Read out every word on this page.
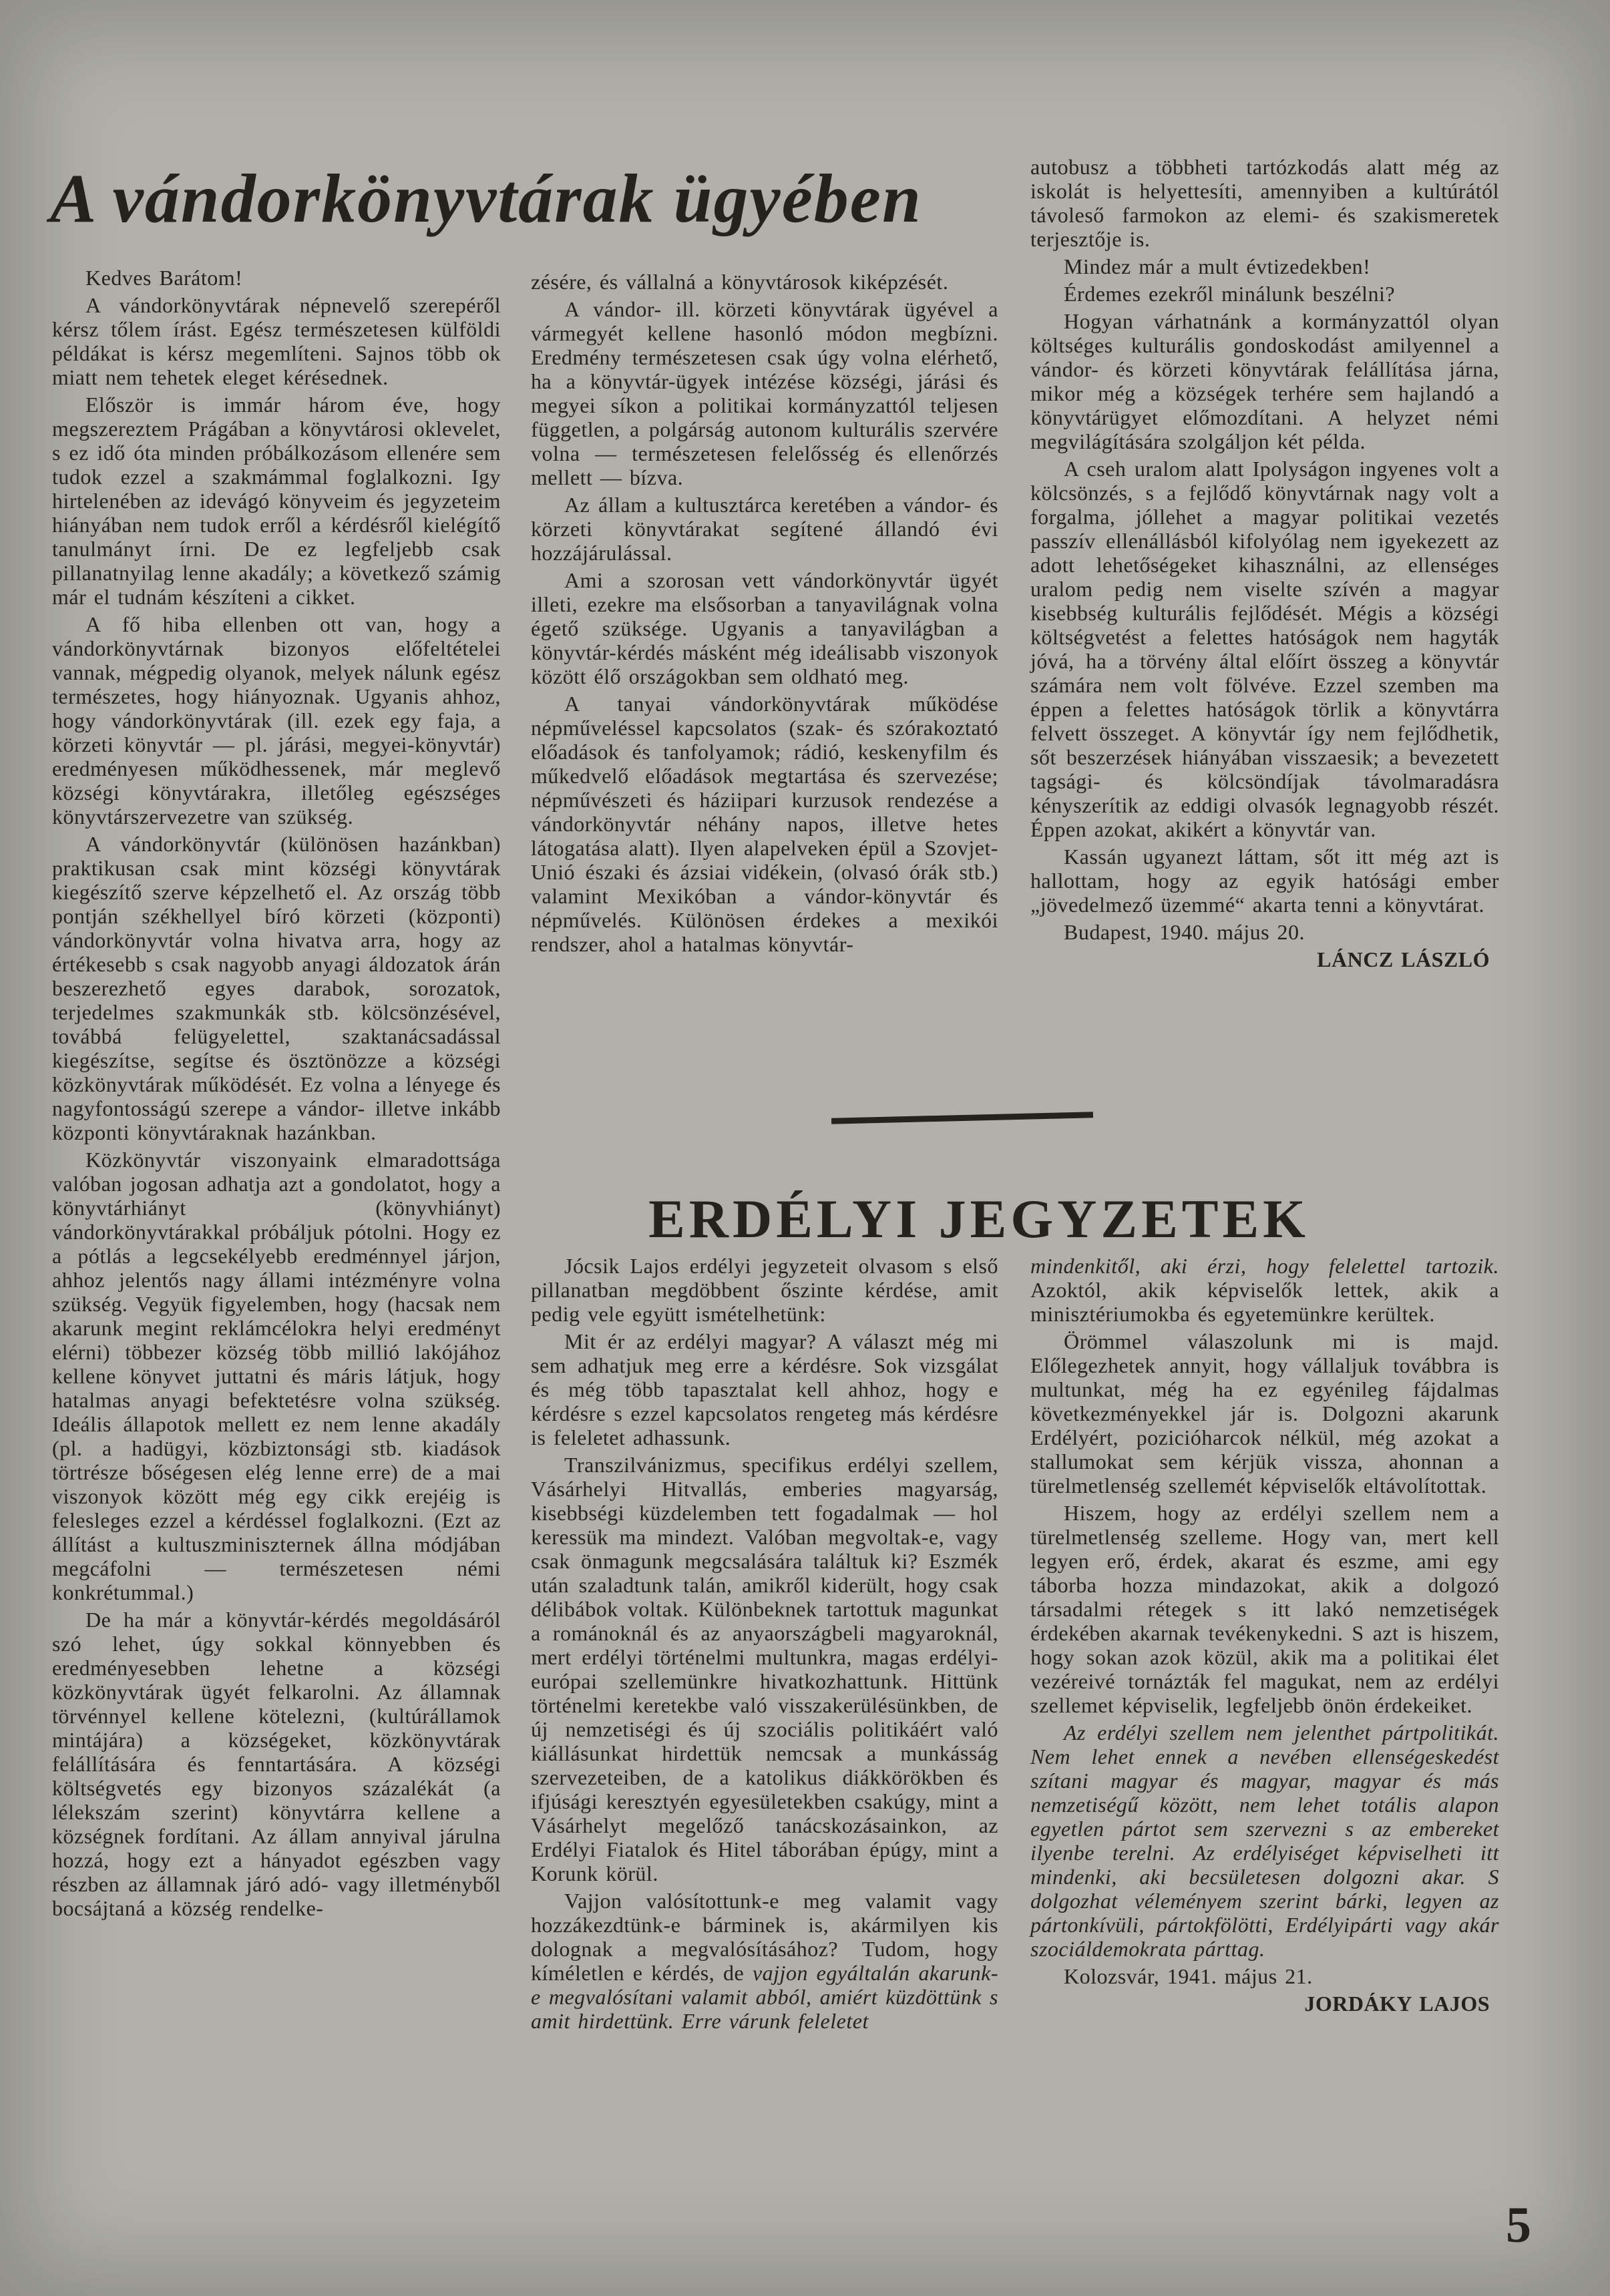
A vándorkönyvtárak ügyében

Kedves Barátom!

A vándorkönyvtárak népnevelő szerepéről kérsz tőlem írást. Egész természetesen külföldi példákat is kérsz megemlíteni. Sajnos több ok miatt nem tehetek eleget kérésednek.

Először is immár három éve, hogy megszereztem Prágában a könyvtárosi oklevelet, s ez idő óta minden próbálkozásom ellenére sem tudok ezzel a szakmámmal foglalkozni. Igy hirtelenében az idevágó könyveim és jegyzeteim hiányában nem tudok erről a kérdésről kielégítő tanulmányt írni. De ez legfeljebb csak pillanatnyilag lenne akadály; a következő számig már el tudnám készíteni a cikket.

A fő hiba ellenben ott van, hogy a vándorkönyvtárnak bizonyos előfeltételei vannak, mégpedig olyanok, melyek nálunk egész természetes, hogy hiányoznak. Ugyanis ahhoz, hogy vándorkönyvtárak (ill. ezek egy faja, a körzeti könyvtár — pl. járási, megyei-könyvtár) eredményesen működhessenek, már meglevő községi könyvtárakra, illetőleg egészséges könyvtárszervezetre van szükség.

A vándorkönyvtár (különösen hazánkban) praktikusan csak mint községi könyvtárak kiegészítő szerve képzelhető el. Az ország több pontján székhellyel bíró körzeti (központi) vándorkönyvtár volna hivatva arra, hogy az értékesebb s csak nagyobb anyagi áldozatok árán beszerezhető egyes darabok, sorozatok, terjedelmes szakmunkák stb. kölcsönzésével, továbbá felügyelettel, szaktanácsadással kiegészítse, segítse és ösztönözze a községi közkönyvtárak működését. Ez volna a lényege és nagyfontosságú szerepe a vándor- illetve inkább központi könyvtáraknak hazánkban.

Közkönyvtár viszonyaink elmaradottsága valóban jogosan adhatja azt a gondolatot, hogy a könyvtárhiányt (könyvhiányt) vándorkönyvtárakkal próbáljuk pótolni. Hogy ez a pótlás a legcsekélyebb eredménnyel járjon, ahhoz jelentős nagy állami intézményre volna szükség. Vegyük figyelemben, hogy (hacsak nem akarunk megint reklámcélokra helyi eredményt elérni) többezer község több millió lakójához kellene könyvet juttatni és máris látjuk, hogy hatalmas anyagi befektetésre volna szükség. Ideális állapotok mellett ez nem lenne akadály (pl. a hadügyi, közbiztonsági stb. kiadások törtrésze bőségesen elég lenne erre) de a mai viszonyok között még egy cikk erejéig is felesleges ezzel a kérdéssel foglalkozni. (Ezt az állítást a kultuszminiszternek állna módjában megcáfolni — természetesen némi konkrétummal.)

De ha már a könyvtár-kérdés megoldásáról szó lehet, úgy sokkal könnyebben és eredményesebben lehetne a községi közkönyvtárak ügyét felkarolni. Az államnak törvénnyel kellene kötelezni, (kultúrállamok mintájára) a községeket, közkönyvtárak felállítására és fenntartására. A községi költségvetés egy bizonyos százalékát (a lélekszám szerint) könyvtárra kellene a községnek fordítani. Az állam annyival járulna hozzá, hogy ezt a hányadot egészben vagy részben az államnak járó adó- vagy illetményből bocsájtaná a község rendelke-

zésére, és vállalná a könyvtárosok kiképzését.

A vándor- ill. körzeti könyvtárak ügyével a vármegyét kellene hasonló módon megbízni. Eredmény természetesen csak úgy volna elérhető, ha a könyvtár-ügyek intézése községi, járási és megyei síkon a politikai kormányzattól teljesen független, a polgárság autonom kulturális szervére volna — természetesen felelősség és ellenőrzés mellett — bízva.

Az állam a kultusztárca keretében a vándor- és körzeti könyvtárakat segítené állandó évi hozzájárulással.

Ami a szorosan vett vándorkönyvtár ügyét illeti, ezekre ma elsősorban a tanyavilágnak volna égető szüksége. Ugyanis a tanyavilágban a könyvtár-kérdés másként még ideálisabb viszonyok között élő országokban sem oldható meg.

A tanyai vándorkönyvtárak működése népműveléssel kapcsolatos (szak- és szórakoztató előadások és tanfolyamok; rádió, keskenyfilm és műkedvelő előadások megtartása és szervezése; népművészeti és háziipari kurzusok rendezése a vándorkönyvtár néhány napos, illetve hetes látogatása alatt). Ilyen alapelveken épül a Szovjet-Unió északi és ázsiai vidékein, (olvasó órák stb.) valamint Mexikóban a vándor-könyvtár és népművelés. Különösen érdekes a mexikói rendszer, ahol a hatalmas könyvtár-

autobusz a többheti tartózkodás alatt még az iskolát is helyettesíti, amennyiben a kultúrától távoleső farmokon az elemi- és szakismeretek terjesztője is.

Mindez már a mult évtizedekben!

Érdemes ezekről minálunk beszélni?

Hogyan várhatnánk a kormányzattól olyan költséges kulturális gondoskodást amilyennel a vándor- és körzeti könyvtárak felállítása járna, mikor még a községek terhére sem hajlandó a könyvtárügyet előmozdítani. A helyzet némi megvilágítására szolgáljon két példa.

A cseh uralom alatt Ipolyságon ingyenes volt a kölcsönzés, s a fejlődő könyvtárnak nagy volt a forgalma, jóllehet a magyar politikai vezetés passzív ellenállásból kifolyólag nem igyekezett az adott lehetőségeket kihasználni, az ellenséges uralom pedig nem viselte szívén a magyar kisebbség kulturális fejlődését. Mégis a községi költségvetést a felettes hatóságok nem hagyták jóvá, ha a törvény által előírt összeg a könyvtár számára nem volt fölvéve. Ezzel szemben ma éppen a felettes hatóságok törlik a könyvtárra felvett összeget. A könyvtár így nem fejlődhetik, sőt beszerzések hiányában visszaesik; a bevezetett tagsági- és kölcsöndíjak távolmaradásra kényszerítik az eddigi olvasók legnagyobb részét. Éppen azokat, akikért a könyvtár van.

Kassán ugyanezt láttam, sőt itt még azt is hallottam, hogy az egyik hatósági ember „jövedelmező üzemmé“ akarta tenni a könyvtárat.

Budapest, 1940. május 20.

LÁNCZ LÁSZLÓ

ERDÉLYI JEGYZETEK

Jócsik Lajos erdélyi jegyzeteit olvasom s első pillanatban megdöbbent őszinte kérdése, amit pedig vele együtt ismételhetünk:

Mit ér az erdélyi magyar? A választ még mi sem adhatjuk meg erre a kérdésre. Sok vizsgálat és még több tapasztalat kell ahhoz, hogy e kérdésre s ezzel kapcsolatos rengeteg más kérdésre is feleletet adhassunk.

Transzilvánizmus, specifikus erdélyi szellem, Vásárhelyi Hitvallás, emberies magyarság, kisebbségi küzdelemben tett fogadalmak — hol keressük ma mindezt. Valóban megvoltak-e, vagy csak önmagunk megcsalására találtuk ki? Eszmék után szaladtunk talán, amikről kiderült, hogy csak délibábok voltak. Különbeknek tartottuk magunkat a románoknál és az anyaországbeli magyaroknál, mert erdélyi történelmi multunkra, magas erdélyi-európai szellemünkre hivatkozhattunk. Hittünk történelmi keretekbe való visszakerülésünkben, de új nemzetiségi és új szociális politikáért való kiállásunkat hirdettük nemcsak a munkásság szervezeteiben, de a katolikus diákkörökben és ifjúsági keresztyén egyesületekben csakúgy, mint a Vásárhelyt megelőző tanácskozásainkon, az Erdélyi Fiatalok és Hitel táborában épúgy, mint a Korunk körül.

Vajjon valósítottunk-e meg valamit vagy hozzákezdtünk-e bárminek is, akármilyen kis dolognak a megvalósításához? Tudom, hogy kíméletlen e kérdés, de vajjon egyáltalán akarunk-e megvalósítani valamit abból, amiért küzdöttünk s amit hirdettünk. Erre várunk feleletet

mindenkitől, aki érzi, hogy felelettel tartozik. Azoktól, akik képviselők lettek, akik a minisztériumokba és egyetemünkre kerültek.

Örömmel válaszolunk mi is majd. Előlegezhetek annyit, hogy vállaljuk továbbra is multunkat, még ha ez egyénileg fájdalmas következményekkel jár is. Dolgozni akarunk Erdélyért, pozicióharcok nélkül, még azokat a stallumokat sem kérjük vissza, ahonnan a türelmetlenség szellemét képviselők eltávolítottak.

Hiszem, hogy az erdélyi szellem nem a türelmetlenség szelleme. Hogy van, mert kell legyen erő, érdek, akarat és eszme, ami egy táborba hozza mindazokat, akik a dolgozó társadalmi rétegek s itt lakó nemzetiségek érdekében akarnak tevékenykedni. S azt is hiszem, hogy sokan azok közül, akik ma a politikai élet vezéreivé tornázták fel magukat, nem az erdélyi szellemet képviselik, legfeljebb önön érdekeiket.

Az erdélyi szellem nem jelenthet pártpolitikát. Nem lehet ennek a nevében ellenségeskedést szítani magyar és magyar, magyar és más nemzetiségű között, nem lehet totális alapon egyetlen pártot sem szervezni s az embereket ilyenbe terelni. Az erdélyiséget képviselheti itt mindenki, aki becsületesen dolgozni akar. S dolgozhat véleményem szerint bárki, legyen az pártonkívüli, pártokfölötti, Erdélyipárti vagy akár szociáldemokrata párttag.

Kolozsvár, 1941. május 21.

JORDÁKY LAJOS

5
